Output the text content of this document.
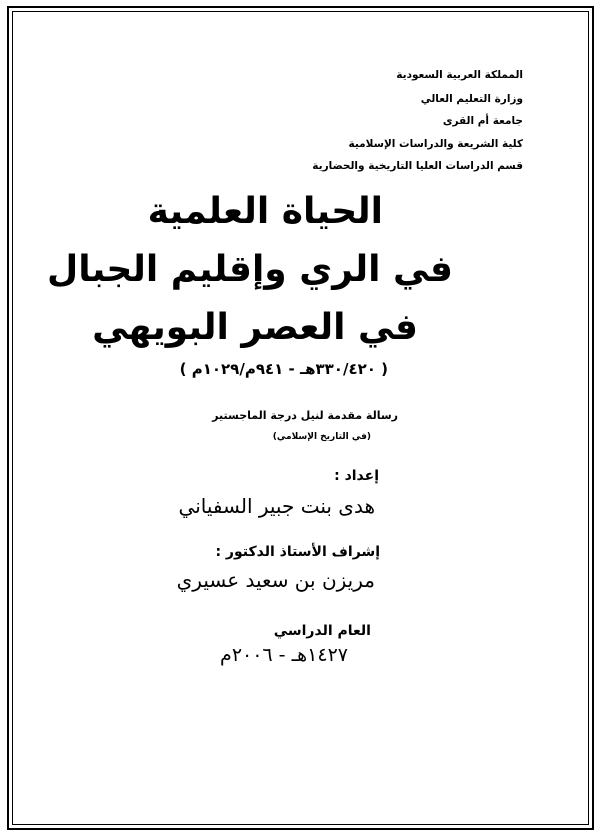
المملكة العربية السعودية
وزارة التعليم العالي
جامعة أم القرى
كلية الشريعة والدراسات الإسلامية
قسم الدراسات العليا التاريخية والحضارية
الحياة العلمية
في الري وإقليم الجبال
في العصر البويهي
( ٣٣٠/٤٢٠هـ - ٩٤١م/١٠٢٩م )
رسالة مقدمة لنيل درجة الماجستير
(في التاريخ الإسلامي)
إعداد :
هدى بنت جبير السفياني
إشراف الأستاذ الدكتور :
مريزن بن سعيد عسيري
العام الدراسي
١٤٢٧هـ - ٢٠٠٦م
